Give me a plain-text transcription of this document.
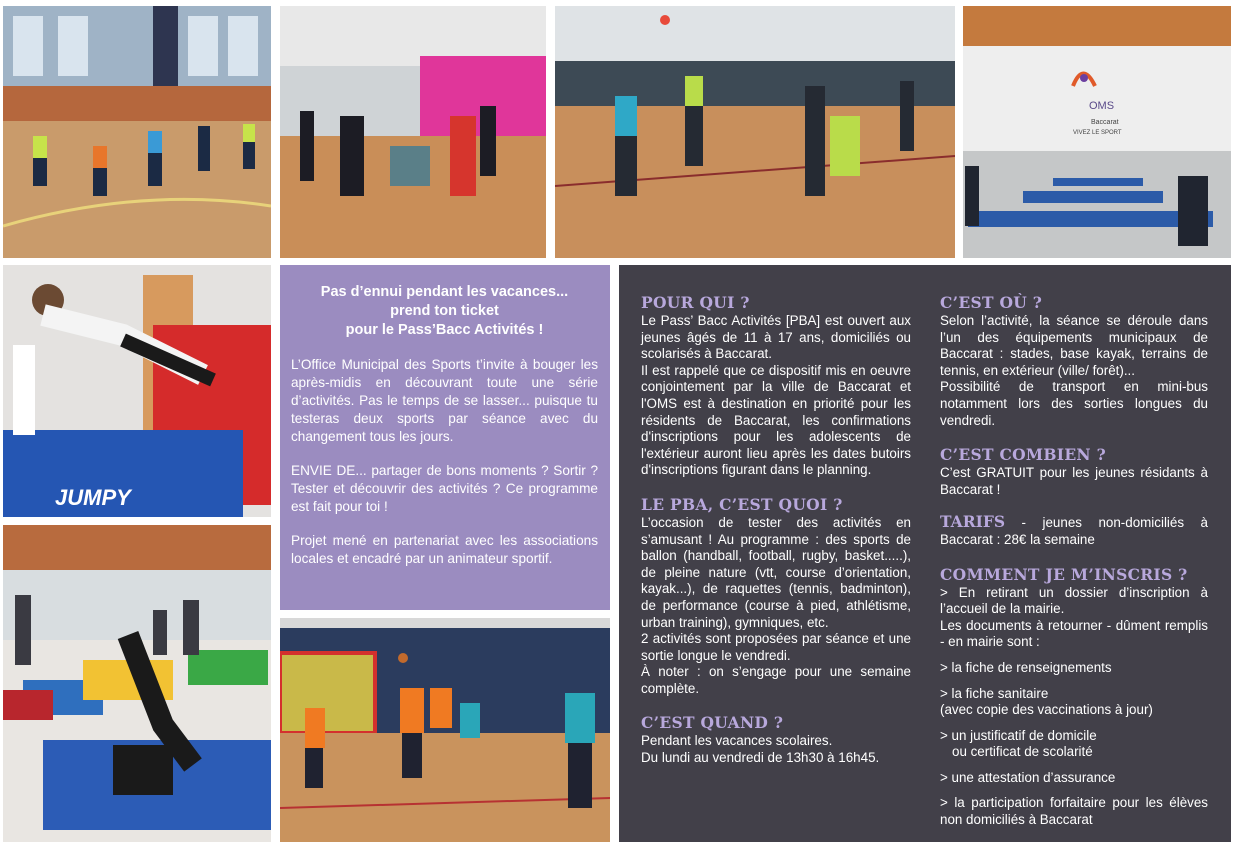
OMS
Baccarat
VIVEZ LE SPORT
JUMPY
Pas d’ennui pendant les vacances...
prend ton ticket
pour le Pass’Bacc Activités !

L’Office Municipal des Sports t’invite à bouger les après-midis en découvrant toute une série d’activités. Pas le temps de se lasser... puisque tu testeras deux sports par séance avec du changement tous les jours.

ENVIE DE... partager de bons moments ? Sortir ? Tester et découvrir des activités ? Ce programme est fait pour toi !

Projet mené en partenariat avec les associations locales et encadré par un animateur sportif.

POUR QUI ?

Le Pass’ Bacc Activités [PBA] est ouvert aux jeunes âgés de 11 à 17 ans, domiciliés ou scolarisés à Baccarat.

Il est rappelé que ce dispositif mis en oeuvre conjointement par la ville de Baccarat et l'OMS est à destination en priorité pour les résidents de Baccarat, les confirmations d'inscriptions pour les adolescents de l'extérieur auront lieu après les dates butoirs d'inscriptions figurant dans le planning.

LE PBA, C’EST QUOI ?

L’occasion de tester des activités en s’amusant ! Au programme : des sports de ballon (handball, football, rugby, basket.....), de pleine nature (vtt, course d’orientation, kayak...), de raquettes (tennis, badminton), de performance (course à pied, athlétisme, urban training), gymniques, etc.

2 activités sont proposées par séance et une sortie longue le vendredi.

À noter : on s’engage pour une semaine complète.

C’EST QUAND ?
Pendant les vacances scolaires.
Du lundi au vendredi de 13h30 à 16h45.
C’EST OÙ ?

Selon l’activité, la séance se déroule dans l’un des équipements municipaux de Baccarat : stades, base kayak, terrains de tennis, en extérieur (ville/ forêt)...

Possibilité de transport en mini-bus notamment lors des sorties longues du vendredi.

C’EST COMBIEN ?

C’est GRATUIT pour les jeunes résidants à Baccarat !

TARIFS - jeunes non-domiciliés à Baccarat : 28€ la semaine

COMMENT JE M’INSCRIS ?

> En retirant un dossier d’inscription à l’accueil de la mairie.

Les documents à retourner - dûment remplis - en mairie sont :

> la fiche de renseignements
> la fiche sanitaire
(avec copie des vaccinations à jour)
> un justificatif de domicile
ou certificat de scolarité
> une attestation d’assurance

> la participation forfaitaire pour les élèves non domiciliés à Baccarat
